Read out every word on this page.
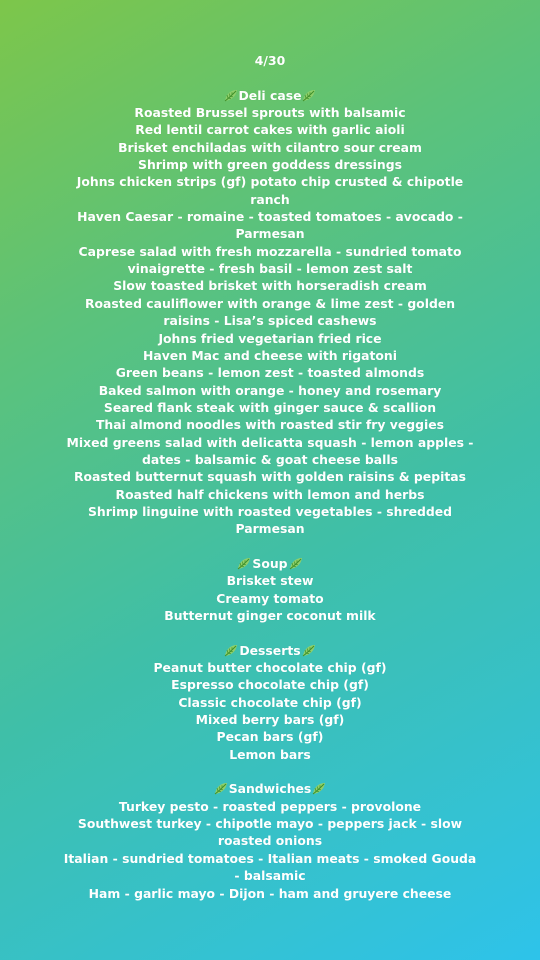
4/30
Deli case
Roasted Brussel sprouts with balsamic
Red lentil carrot cakes with garlic aioli
Brisket enchiladas with cilantro sour cream
Shrimp with green goddess dressings
Johns chicken strips (gf) potato chip crusted & chipotle ranch
Haven Caesar - romaine - toasted tomatoes - avocado - Parmesan
Caprese salad with fresh mozzarella - sundried tomato vinaigrette - fresh basil - lemon zest salt
Slow toasted brisket with horseradish cream
Roasted cauliflower with orange & lime zest - golden raisins - Lisa’s spiced cashews
Johns fried vegetarian fried rice
Haven Mac and cheese with rigatoni
Green beans - lemon zest - toasted almonds
Baked salmon with orange - honey and rosemary
Seared flank steak with ginger sauce & scallion
Thai almond noodles with roasted stir fry veggies
Mixed greens salad with delicatta squash - lemon apples - dates - balsamic & goat cheese balls
Roasted butternut squash with golden raisins & pepitas
Roasted half chickens with lemon and herbs
Shrimp linguine with roasted vegetables - shredded Parmesan
Soup
Brisket stew
Creamy tomato
Butternut ginger coconut milk
Desserts
Peanut butter chocolate chip (gf)
Espresso chocolate chip (gf)
Classic chocolate chip (gf)
Mixed berry bars (gf)
Pecan bars (gf)
Lemon bars
Sandwiches
Turkey pesto - roasted peppers - provolone
Southwest turkey - chipotle mayo - peppers jack - slow roasted onions
Italian - sundried tomatoes - Italian meats - smoked Gouda - balsamic
Ham - garlic mayo - Dijon - ham and gruyere cheese
